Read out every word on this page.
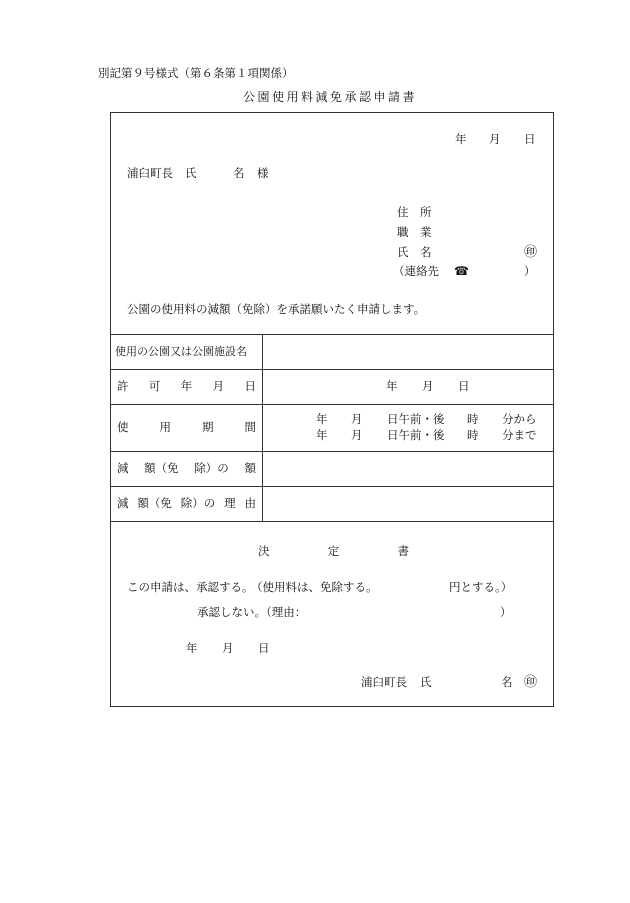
別記第９号様式（第６条第１項関係）
公園使用料減免承認申請書
年 月 日
浦臼町長 氏	名 様
住　所
職　業
氏　名	㊞
（連絡先 ☎	）
公園の使用料の減額（免除）を承諾願いたく申請します。
使用の公園又は公園施設名
許 可 年 月 日	年 月 日
使	用	期	間
年 月 日午前・後 時 分から
年 月 日午前・後 時 分まで
減 額（免 除）の 額
減 額（免 除）の 理 由
決	定	書
この申請は、承認する。
（使用料は、免除する。	円とする。）
承認しない。（理由：	）
年 月 日
浦臼町長 氏	名 ㊞
